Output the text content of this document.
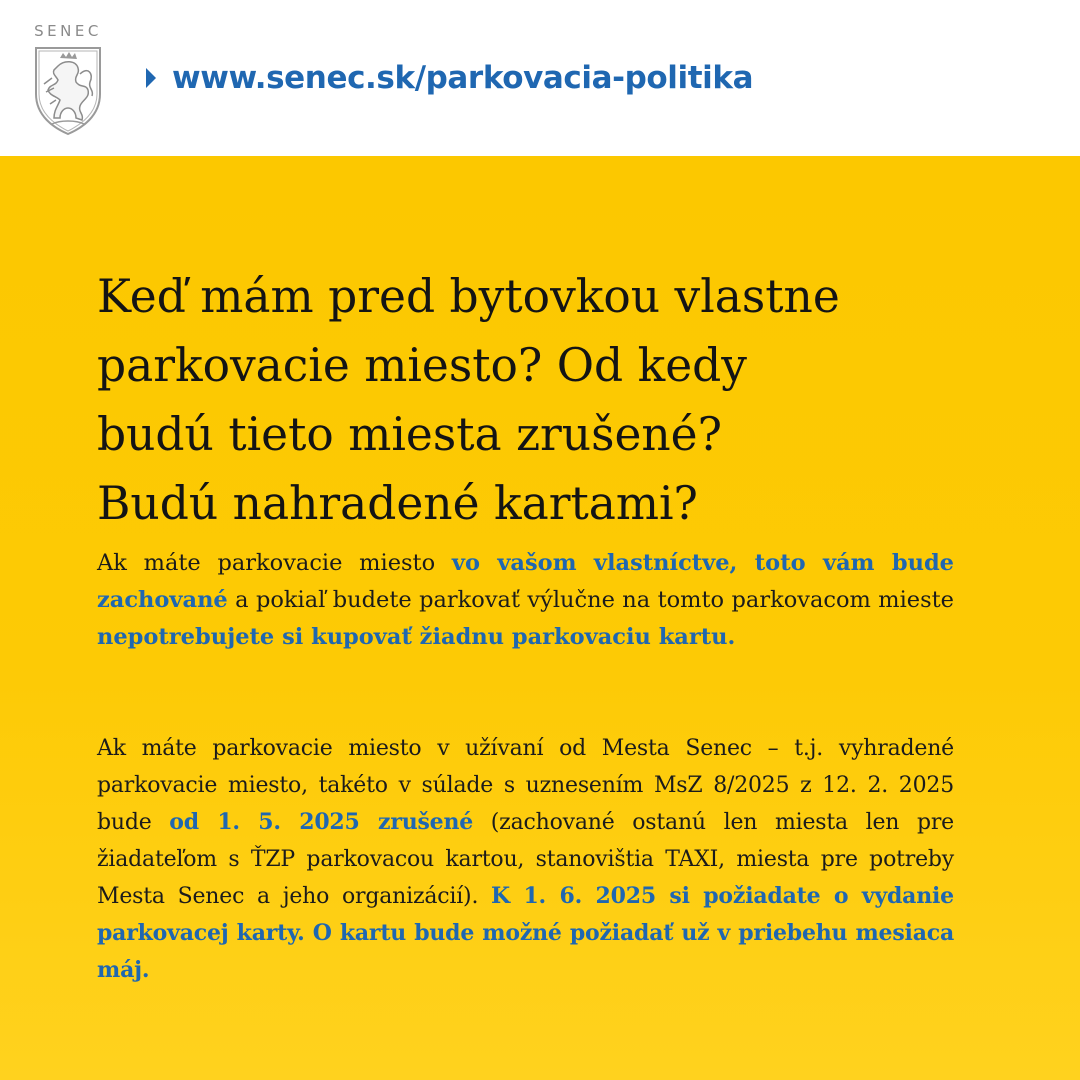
SENEC
www.senec.sk/parkovacia-politika
Keď mám pred bytovkou vlastne
parkovacie miesto? Od kedy
budú tieto miesta zrušené?
Budú nahradené kartami?

Ak máte parkovacie miesto vo vašom vlastníctve, toto vám bude zachované a pokiaľ budete parkovať výlučne na tomto parkovacom mieste nepotrebujete si kupovať žiadnu parkovaciu kartu.

Ak máte parkovacie miesto v užívaní od Mesta Senec – t.j. vyhradené parkovacie miesto, takéto v súlade s uznesením MsZ 8/2025 z 12. 2. 2025 bude od 1. 5. 2025 zrušené (zachované ostanú len miesta len pre žiadateľom s ŤZP parkovacou kartou, stanovištia TAXI, miesta pre potreby Mesta Senec a jeho organizácií). K 1. 6. 2025 si požiadate o vydanie parkovacej karty. O kartu bude možné požiadať už v priebehu mesiaca máj.
